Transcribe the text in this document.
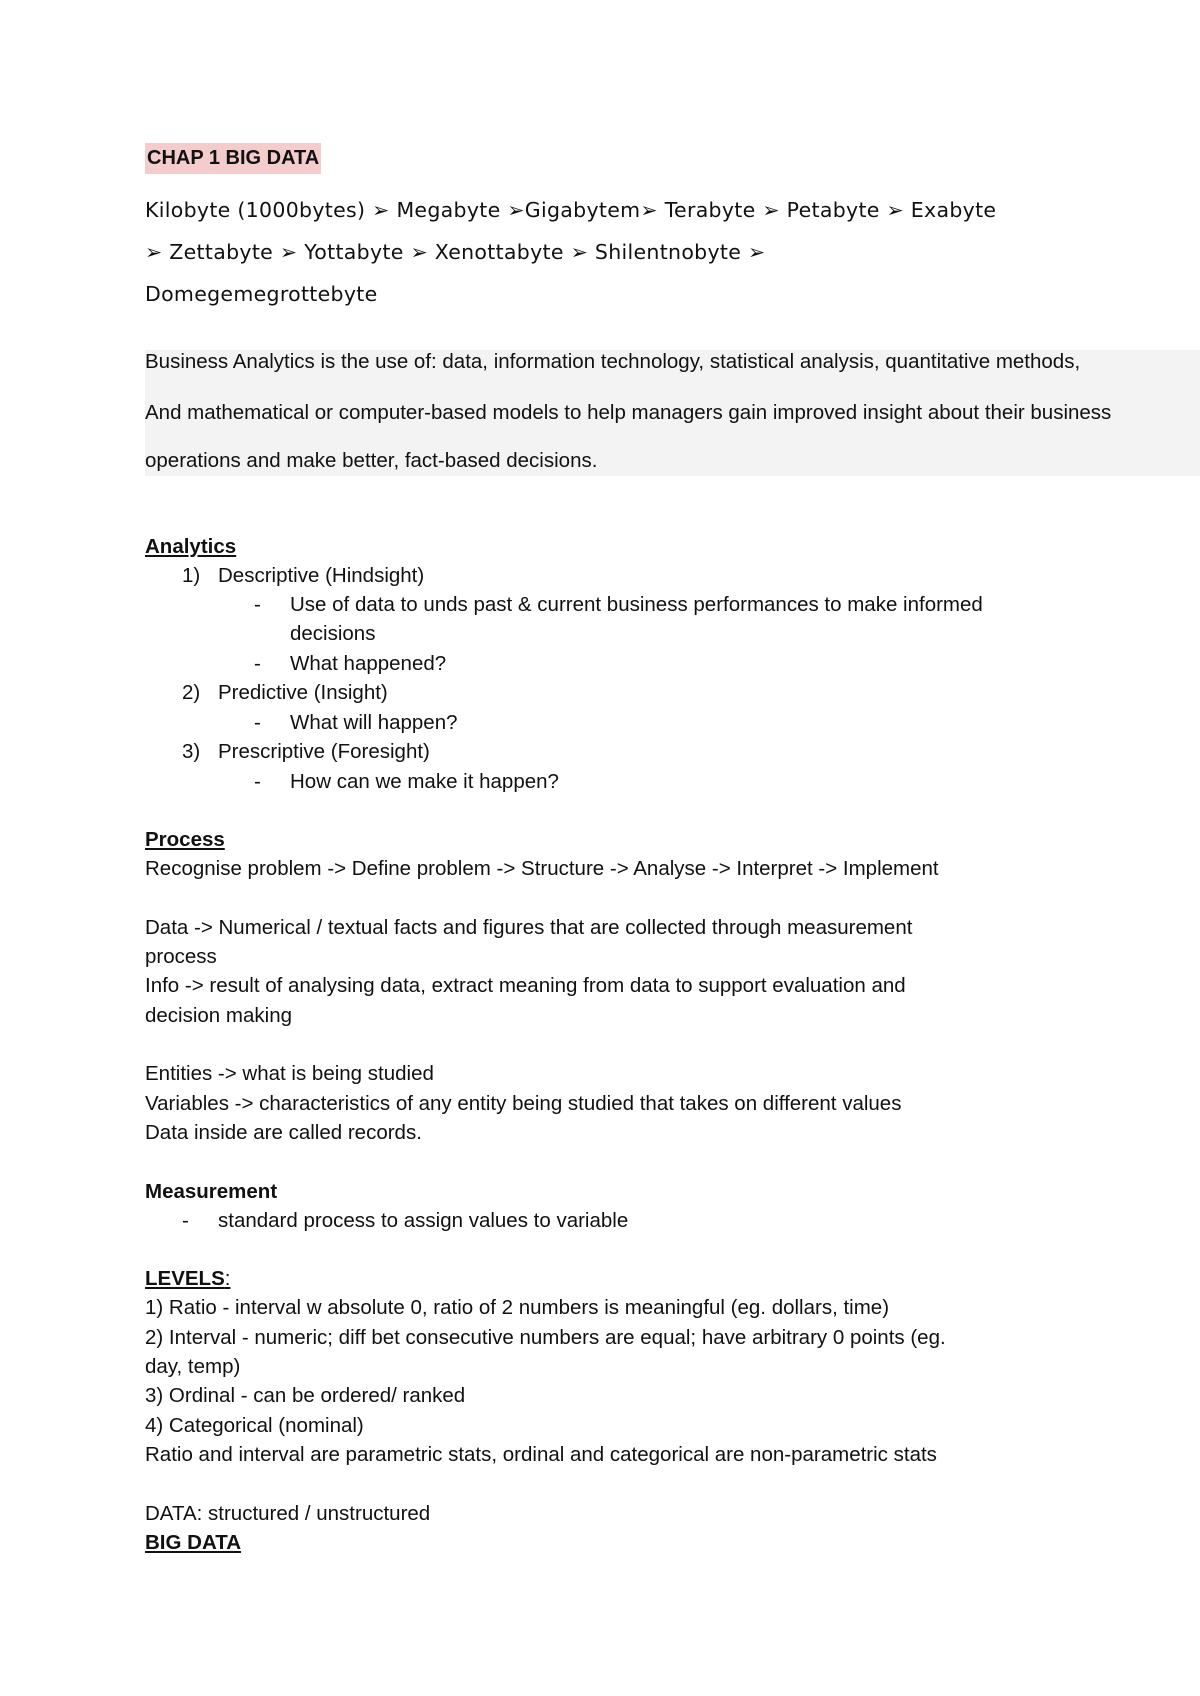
CHAP 1 BIG DATA
Kilobyte (1000bytes) ➢ Megabyte ➢Gigabytem➢ Terabyte ➢ Petabyte ➢ Exabyte
➢ Zettabyte ➢ Yottabyte ➢ Xenottabyte ➢ Shilentnobyte ➢
Domegemegrottebyte
Business Analytics is the use of: data, information technology, statistical analysis, quantitative methods,
And mathematical or computer-based models to help managers gain improved insight about their business
operations and make better, fact-based decisions.
Analytics
1) Descriptive (Hindsight)
- Use of data to unds past & current business performances to make informed
decisions
- What happened?
2) Predictive (Insight)
- What will happen?
3) Prescriptive (Foresight)
- How can we make it happen?
Process
Recognise problem -> Define problem -> Structure -> Analyse -> Interpret -> Implement
Data -> Numerical / textual facts and figures that are collected through measurement
process
Info -> result of analysing data, extract meaning from data to support evaluation and
decision making
Entities -> what is being studied
Variables -> characteristics of any entity being studied that takes on different values
Data inside are called records.
Measurement
- standard process to assign values to variable
LEVELS:
1) Ratio - interval w absolute 0, ratio of 2 numbers is meaningful (eg. dollars, time)
2) Interval - numeric; diff bet consecutive numbers are equal; have arbitrary 0 points (eg.
day, temp)
3) Ordinal - can be ordered/ ranked
4) Categorical (nominal)
Ratio and interval are parametric stats, ordinal and categorical are non-parametric stats
DATA: structured / unstructured
BIG DATA
